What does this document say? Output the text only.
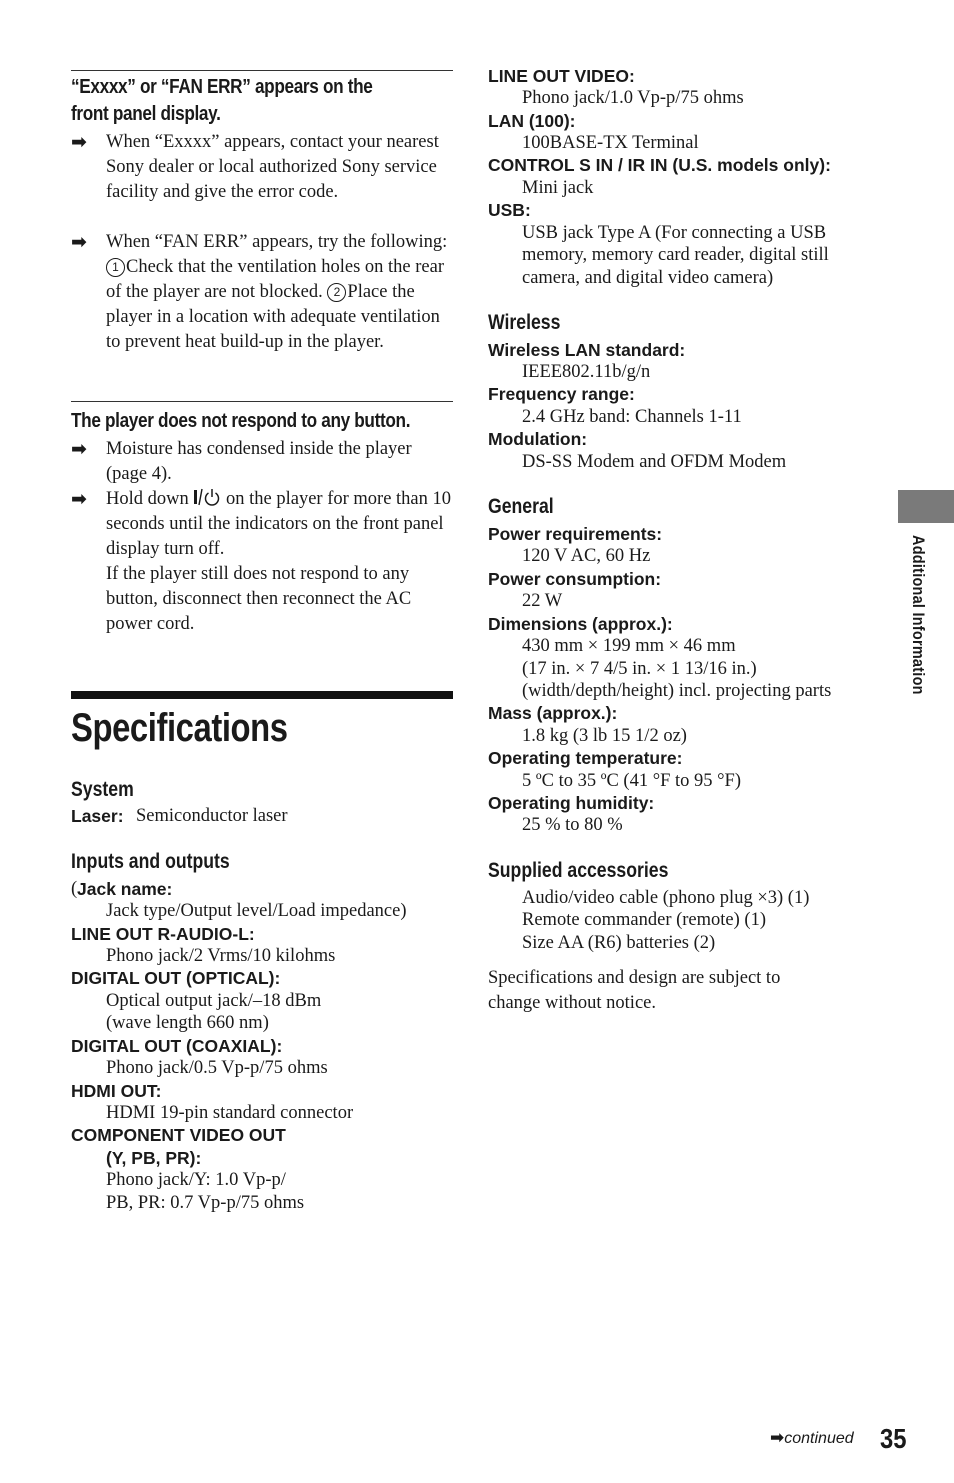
“Exxxx” or “FAN ERR” appears on the
front panel display.
➡ When “Exxxx” appears, contact your nearest Sony dealer or local authorized Sony service facility and give the error code.
➡ When “FAN ERR” appears, try the following: 1 Check that the ventilation holes on the rear of the player are not blocked. 2 Place the player in a location with adequate ventilation to prevent heat build-up in the player.
The player does not respond to any button.
➡ Moisture has condensed inside the player (page 4).
➡ Hold down on the player for more than 10 seconds until the indicators on the front panel display turn off.
If the player still does not respond to any button, disconnect then reconnect the AC power cord.
Specifications
System
Laser: Semiconductor laser
Inputs and outputs
( Jack name:
Jack type/Output level/Load impedance)
LINE OUT R-AUDIO-L:
Phono jack/2 Vrms/10 kilohms
DIGITAL OUT (OPTICAL):
Optical output jack/–18 dBm
(wave length 660 nm)
DIGITAL OUT (COAXIAL):
Phono jack/0.5 Vp-p/75 ohms
HDMI OUT:
HDMI 19-pin standard connector
COMPONENT VIDEO OUT
(Y, PB, PR):
Phono jack/Y: 1.0 Vp-p/
PB, PR: 0.7 Vp-p/75 ohms
LINE OUT VIDEO:
Phono jack/1.0 Vp-p/75 ohms
LAN (100):
100BASE-TX Terminal
CONTROL S IN / IR IN (U.S. models only):
Mini jack
USB:
USB jack Type A (For connecting a USB
memory, memory card reader, digital still
camera, and digital video camera)
Wireless
Wireless LAN standard:
IEEE802.11b/g/n
Frequency range:
2.4 GHz band: Channels 1-11
Modulation:
DS-SS Modem and OFDM Modem
General
Power requirements:
120 V AC, 60 Hz
Power consumption:
22 W
Dimensions (approx.):
430 mm × 199 mm × 46 mm
(17 in. × 7 4/5 in. × 1 13/16 in.)
(width/depth/height) incl. projecting parts
Mass (approx.):
1.8 kg (3 lb 15 1/2 oz)
Operating temperature:
5 ºC to 35 ºC (41 °F to 95 °F)
Operating humidity:
25 % to 80 %
Supplied accessories
Audio/video cable (phono plug ×3) (1)
Remote commander (remote) (1)
Size AA (R6) batteries (2)
Specifications and design are subject to
change without notice.
Additional Information
➡continued 35
